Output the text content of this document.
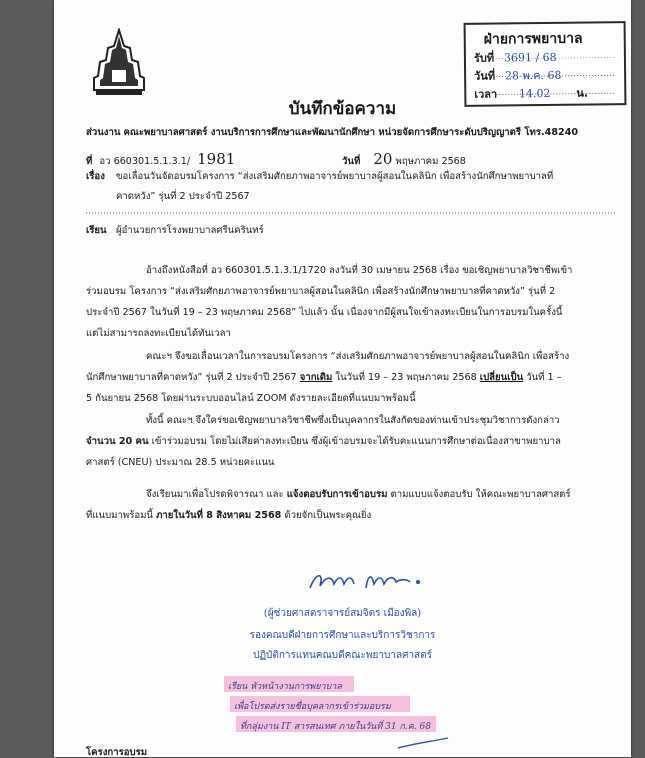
ฝ่ายการพยาบาล
รับที่ 3691 / 68
วันที่ 28 พ.ค. 68
เวลา 14.02 น.
บันทึกข้อความ
ส่วนงาน คณะพยาบาลศาสตร์ งานบริการการศึกษาและพัฒนานักศึกษา หน่วยจัดการศึกษาระดับปริญญาตรี โทร.48240
ที่ อว 660301.5.1.3.1/ 1981	วันที่ 20 พฤษภาคม 2568
เรื่อง ขอเลื่อนวันจัดอบรมโครงการ “ส่งเสริมศักยภาพอาจารย์พยาบาลผู้สอนในคลินิก เพื่อสร้างนักศึกษาพยาบาลที่
คาดหวัง” รุ่นที่ 2 ประจำปี 2567
เรียน ผู้อำนวยการโรงพยาบาลศรีนครินทร์
อ้างถึงหนังสือที่ อว 660301.5.1.3.1/1720 ลงวันที่ 30 เมษายน 2568 เรื่อง ขอเชิญพยาบาลวิชาชีพเข้า
ร่วมอบรม โครงการ “ส่งเสริมศักยภาพอาจารย์พยาบาลผู้สอนในคลินิก เพื่อสร้างนักศึกษาพยาบาลที่คาดหวัง” รุ่นที่ 2
ประจำปี 2567 ในวันที่ 19 – 23 พฤษภาคม 2568” ไปแล้ว นั้น เนื่องจากมีผู้สนใจเข้าลงทะเบียนในการอบรมในครั้งนี้
แต่ไม่สามารถลงทะเบียนได้ทันเวลา
คณะฯ จึงขอเลื่อนเวลาในการอบรมโครงการ “ส่งเสริมศักยภาพอาจารย์พยาบาลผู้สอนในคลินิก เพื่อสร้าง
นักศึกษาพยาบาลที่คาดหวัง” รุ่นที่ 2 ประจำปี 2567 จากเดิม ในวันที่ 19 – 23 พฤษภาคม 2568 เปลี่ยนเป็น วันที่ 1 –
5 กันยายน 2568 โดยผ่านระบบออนไลน์ ZOOM ดังรายละเอียดที่แนบมาพร้อมนี้
ทั้งนี้ คณะฯ จึงใคร่ขอเชิญพยาบาลวิชาชีพซึ่งเป็นบุคลากรในสังกัดของท่านเข้าประชุมวิชาการดังกล่าว
จำนวน 20 คน เข้าร่วมอบรม โดยไม่เสียค่าลงทะเบียน ซึ่งผู้เข้าอบรมจะได้รับคะแนนการศึกษาต่อเนื่องสาขาพยาบาล
ศาสตร์ (CNEU) ประมาณ 28.5 หน่วยคะแนน
จึงเรียนมาเพื่อโปรดพิจารณา และ แจ้งตอบรับการเข้าอบรม ตามแบบแจ้งตอบรับ ให้คณะพยาบาลศาสตร์
ที่แนบมาพร้อมนี้ ภายในวันที่ 8 สิงหาคม 2568 ด้วยจักเป็นพระคุณยิ่ง
(ผู้ช่วยศาสตราจารย์สมจิตร เมืองพิล)
รองคณบดีฝ่ายการศึกษาและบริการวิชาการ
ปฏิบัติการแทนคณบดีคณะพยาบาลศาสตร์
เรียน หัวหน้างานการพยาบาล
เพื่อโปรดส่งรายชื่อบุคลากรเข้าร่วมอบรม
ที่กลุ่มงาน IT สารสนเทศ ภายในวันที่ 31 ก.ค. 68
โครงการอบรม
